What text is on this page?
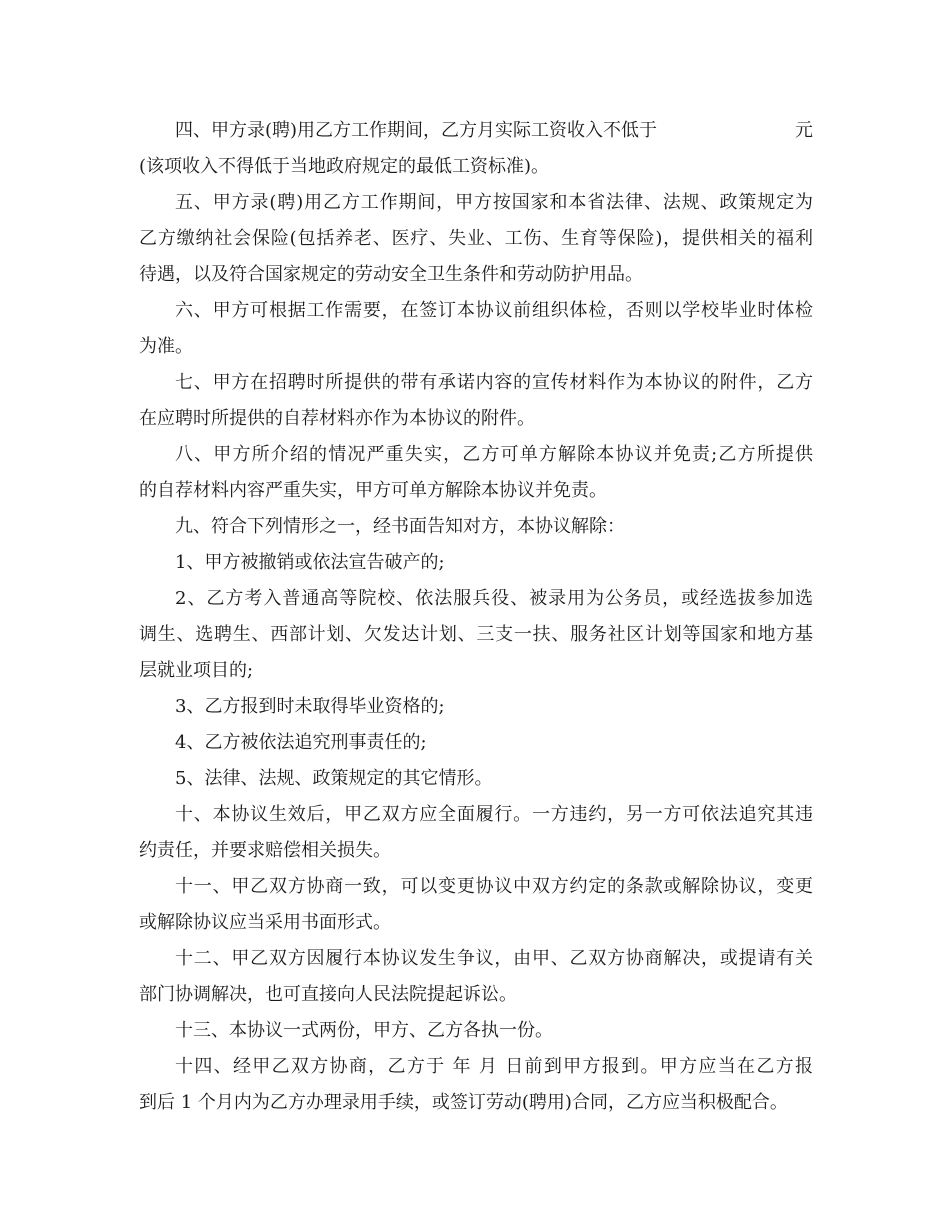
四、甲方录(聘)用乙方工作期间，乙方月实际工资收入不低于	元
(该项收入不得低于当地政府规定的最低工资标准)。
五、甲方录(聘)用乙方工作期间，甲方按国家和本省法律、法规、政策规定为
乙方缴纳社会保险(包括养老、医疗、失业、工伤、生育等保险)，提供相关的福利
待遇，以及符合国家规定的劳动安全卫生条件和劳动防护用品。
六、甲方可根据工作需要，在签订本协议前组织体检，否则以学校毕业时体检
为准。
七、甲方在招聘时所提供的带有承诺内容的宣传材料作为本协议的附件，乙方
在应聘时所提供的自荐材料亦作为本协议的附件。
八、甲方所介绍的情况严重失实，乙方可单方解除本协议并免责;乙方所提供
的自荐材料内容严重失实，甲方可单方解除本协议并免责。
九、符合下列情形之一，经书面告知对方，本协议解除：
1、甲方被撤销或依法宣告破产的;
2、乙方考入普通高等院校、依法服兵役、被录用为公务员，或经选拔参加选
调生、选聘生、西部计划、欠发达计划、三支一扶、服务社区计划等国家和地方基
层就业项目的;
3、乙方报到时未取得毕业资格的;
4、乙方被依法追究刑事责任的;
5、法律、法规、政策规定的其它情形。
十、本协议生效后，甲乙双方应全面履行。一方违约，另一方可依法追究其违
约责任，并要求赔偿相关损失。
十一、甲乙双方协商一致，可以变更协议中双方约定的条款或解除协议，变更
或解除协议应当采用书面形式。
十二、甲乙双方因履行本协议发生争议，由甲、乙双方协商解决，或提请有关
部门协调解决，也可直接向人民法院提起诉讼。
十三、本协议一式两份，甲方、乙方各执一份。
十四、经甲乙双方协商，乙方于 年 月 日前到甲方报到。甲方应当在乙方报
到后 1 个月内为乙方办理录用手续，或签订劳动(聘用)合同，乙方应当积极配合。
